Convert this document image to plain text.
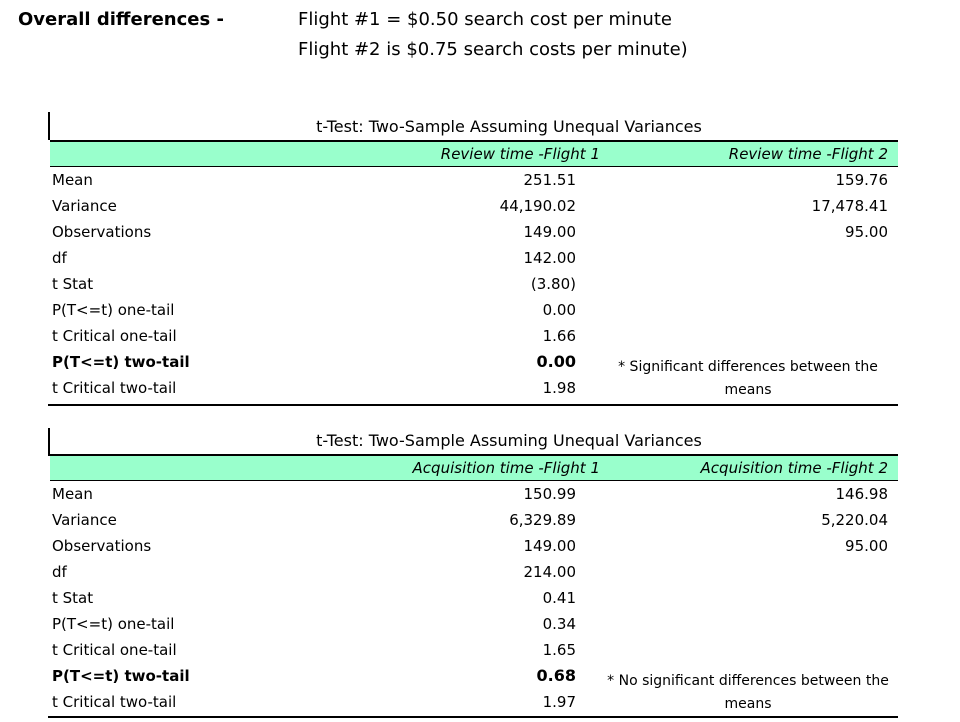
Overall differences -	Flight #1 = $0.50 search cost per minute
Flight #2 is $0.75 search costs per minute)
t-Test: Two-Sample Assuming Unequal Variances
Review time -Flight 1	Review time -Flight 2
Mean	251.51	159.76
Variance	44,190.02	17,478.41
Observations	149.00	95.00
df	142.00
t Stat	(3.80)
P(T<=t) one-tail	0.00
t Critical one-tail	1.66
P(T<=t) two-tail	0.00
t Critical two-tail	1.98
* Significant differences between the
means
t-Test: Two-Sample Assuming Unequal Variances
Acquisition time -Flight 1	Acquisition time -Flight 2
Mean	150.99	146.98
Variance	6,329.89	5,220.04
Observations	149.00	95.00
df	214.00
t Stat	0.41
P(T<=t) one-tail	0.34
t Critical one-tail	1.65
P(T<=t) two-tail	0.68
t Critical two-tail	1.97
* No significant differences between the
means
